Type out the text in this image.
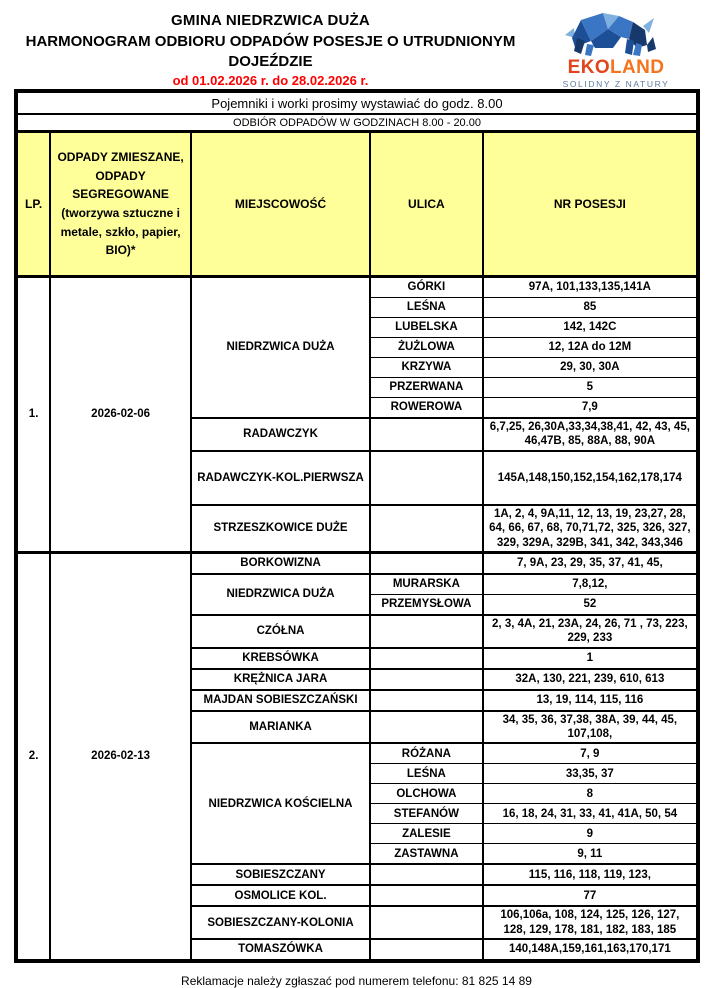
GMINA NIEDRZWICA DUŻA
HARMONOGRAM ODBIORU ODPADÓW POSESJE O UTRUDNIONYM DOJEŹDZIE
od 01.02.2026 r. do 28.02.2026 r.
EKOLAND
SOLIDNY Z NATURY
Pojemniki i worki prosimy wystawiać do godz. 8.00				
ODBIÓR ODPADÓW W GODZINACH 8.00 - 20.00				
LP.	ODPADY ZMIESZANE, ODPADY SEGREGOWANE (tworzywa sztuczne i metale, szkło, papier, BIO)*	MIEJSCOWOŚĆ	ULICA	NR POSESJI
1.	2026-02-06	NIEDRZWICA DUŻA	GÓRKI	97A, 101,133,135,141A
			LEŚNA	85
			LUBELSKA	142, 142C
			ŻUŻLOWA	12, 12A do 12M
			KRZYWA	29, 30, 30A
			PRZERWANA	5
			ROWEROWA	7,9
		RADAWCZYK		6,7,25, 26,30A,33,34,38,41, 42, 43, 45, 46,47B, 85, 88A, 88, 90A
		RADAWCZYK-KOL.PIERWSZA		145A,148,150,152,154,162,178,174
		STRZESZKOWICE DUŻE		1A, 2, 4, 9A,11, 12, 13, 19, 23,27, 28, 64, 66, 67, 68, 70,71,72, 325, 326, 327, 329, 329A, 329B, 341, 342, 343,346
2.	2026-02-13	BORKOWIZNA		7, 9A, 23, 29, 35, 37, 41, 45,
		NIEDRZWICA DUŻA	MURARSKA	7,8,12,
			PRZEMYSŁOWA	52
		CZÓŁNA		2, 3, 4A, 21, 23A, 24, 26, 71 , 73, 223, 229, 233
		KREBSÓWKA		1
		KRĘŻNICA JARA		32A, 130, 221, 239, 610, 613
		MAJDAN SOBIESZCZAŃSKI		13, 19, 114, 115, 116
		MARIANKA		34, 35, 36, 37,38, 38A, 39, 44, 45, 107,108,
		NIEDRZWICA KOŚCIELNA	RÓŻANA	7, 9
			LEŚNA	33,35, 37
			OLCHOWA	8
			STEFANÓW	16, 18, 24, 31, 33, 41, 41A, 50, 54
			ZALESIE	9
			ZASTAWNA	9, 11
		SOBIESZCZANY		115, 116, 118, 119, 123,
		OSMOLICE KOL.		77
		SOBIESZCZANY-KOLONIA		106,106a, 108, 124, 125, 126, 127, 128, 129, 178, 181, 182, 183, 185
		TOMASZÓWKA		140,148A,159,161,163,170,171
Reklamacje należy zgłaszać pod numerem telefonu: 81 825 14 89
